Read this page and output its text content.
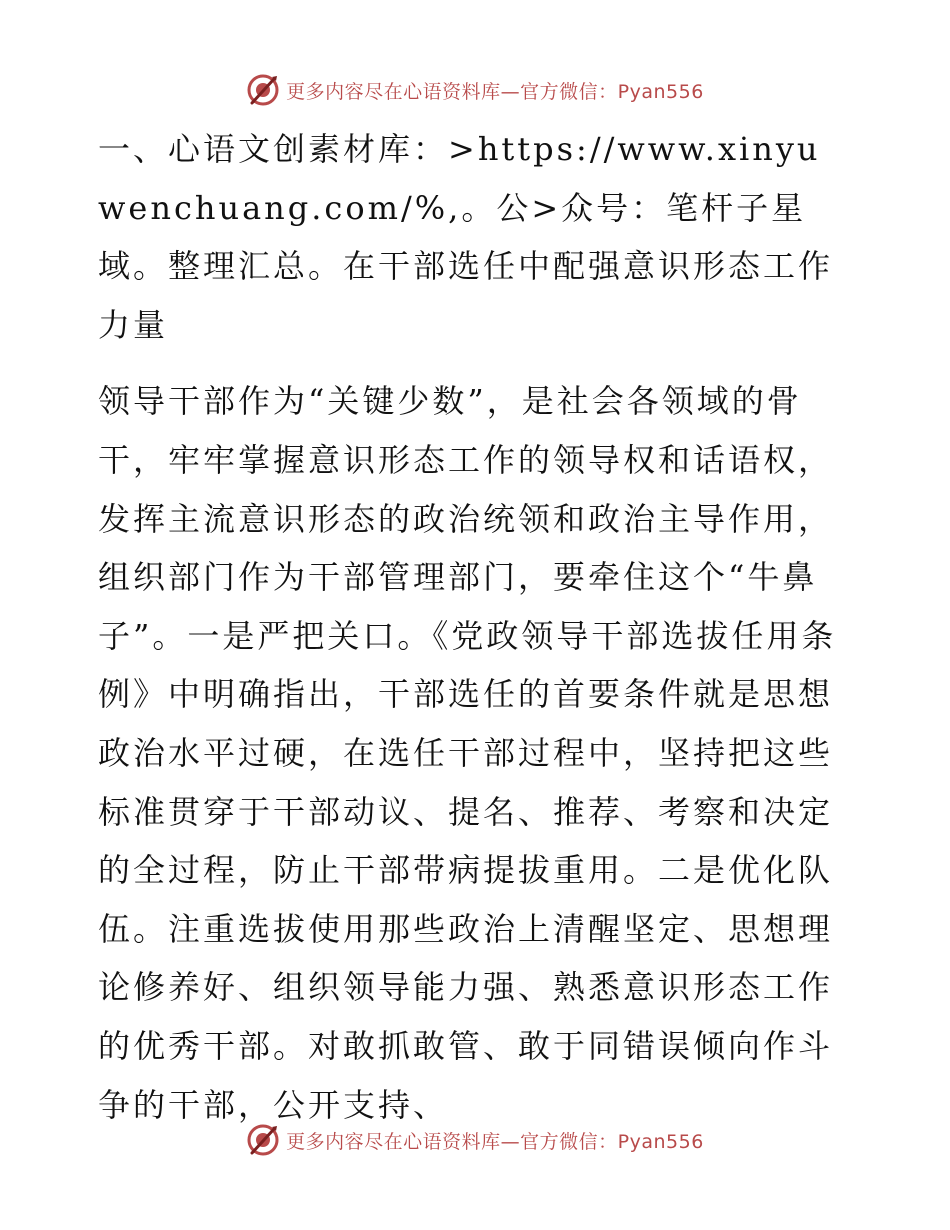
更多内容尽在心语资料库—官方微信：Pyan556

一、心语文创素材库：>https://www.xinyuwenchuang.com/%,。公>众号：笔杆子星域。整理汇总。在干部选任中配强意识形态工作力量

领导干部作为“关键少数”，是社会各领域的骨干，牢牢掌握意识形态工作的领导权和话语权，发挥主流意识形态的政治统领和政治主导作用，组织部门作为干部管理部门，要牵住这个“牛鼻子”。一是严把关口。《党政领导干部选拔任用条例》中明确指出，干部选任的首要条件就是思想政治水平过硬，在选任干部过程中，坚持把这些标准贯穿于干部动议、提名、推荐、考察和决定的全过程，防止干部带病提拔重用。二是优化队伍。注重选拔使用那些政治上清醒坚定、思想理论修养好、组织领导能力强、熟悉意识形态工作的优秀干部。对敢抓敢管、敢于同错误倾向作斗争的干部，公开支持、

更多内容尽在心语资料库—官方微信：Pyan556
